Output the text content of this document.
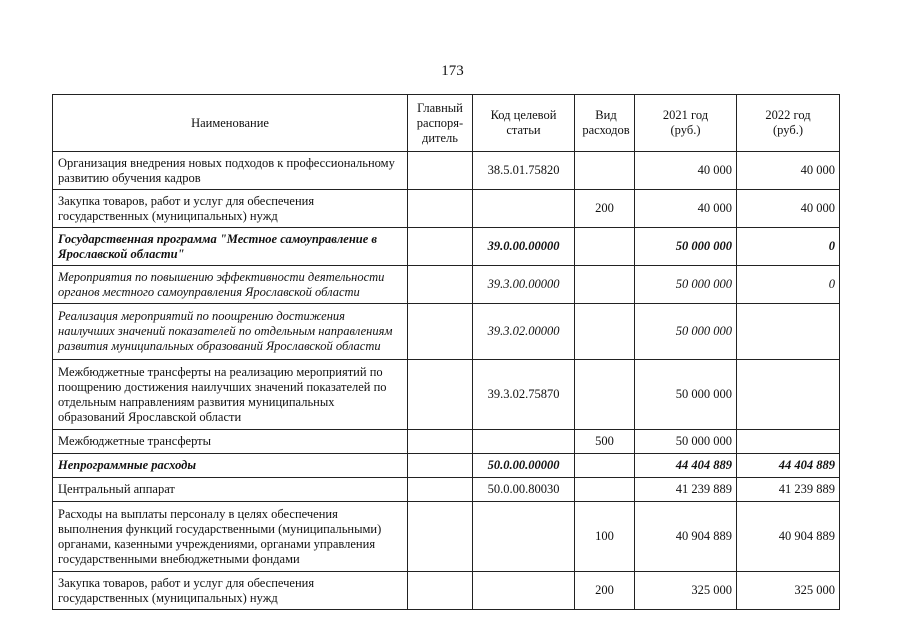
173
Наименование	Главный распоря-дитель	Код целевой статьи	Вид расходов	2021 год (руб.)	2022 год (руб.)
Организация внедрения новых подходов к профессиональному развитию обучения кадров		38.5.01.75820		40 000	40 000
Закупка товаров, работ и услуг для обеспечения государственных (муниципальных) нужд			200	40 000	40 000
Государственная программа "Местное самоуправление в Ярославской области"		39.0.00.00000		50 000 000	0
Мероприятия по повышению эффективности деятельности органов местного самоуправления Ярославской области		39.3.00.00000		50 000 000	0
Реализация мероприятий по поощрению достижения наилучших значений показателей по отдельным направлениям развития муниципальных образований Ярославской области		39.3.02.00000		50 000 000	
Межбюджетные трансферты на реализацию мероприятий по поощрению достижения наилучших значений показателей по отдельным направлениям развития муниципальных образований Ярославской области		39.3.02.75870		50 000 000	
Межбюджетные трансферты			500	50 000 000	
Непрограммные расходы		50.0.00.00000		44 404 889	44 404 889
Центральный аппарат		50.0.00.80030		41 239 889	41 239 889
Расходы на выплаты персоналу в целях обеспечения выполнения функций государственными (муниципальными) органами, казенными учреждениями, органами управления государственными внебюджетными фондами			100	40 904 889	40 904 889
Закупка товаров, работ и услуг для обеспечения государственных (муниципальных) нужд			200	325 000	325 000
